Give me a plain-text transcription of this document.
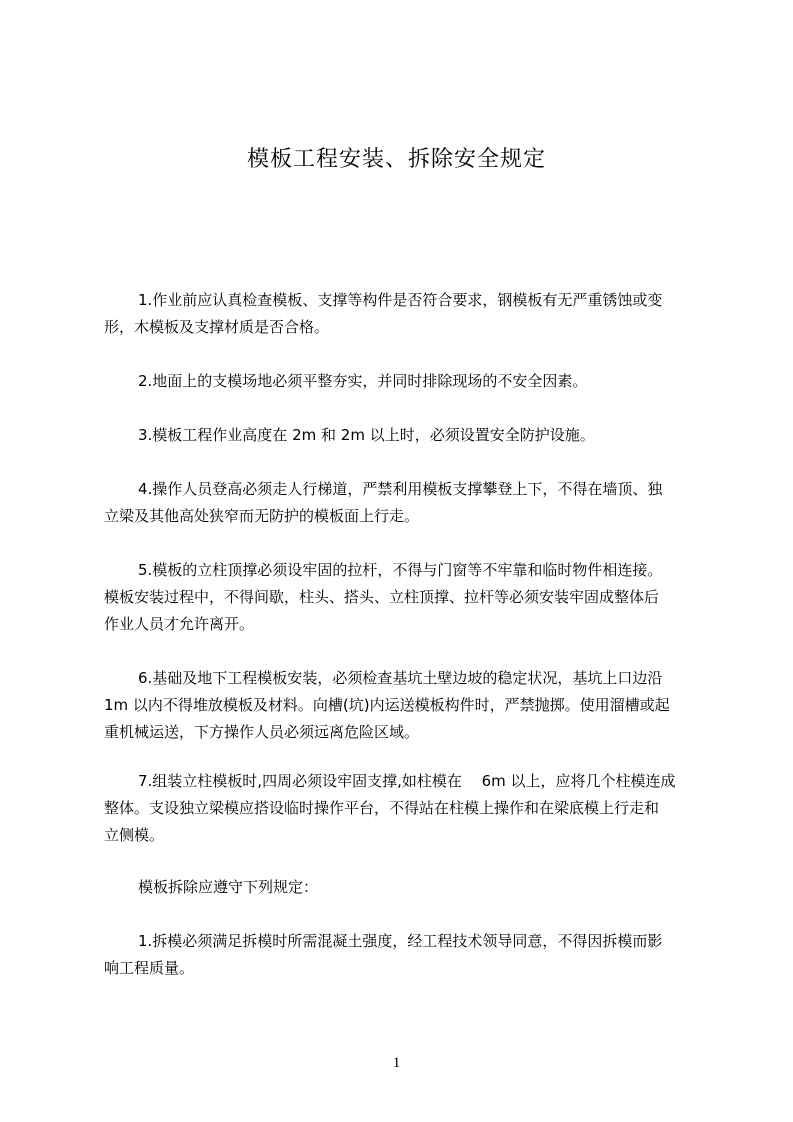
模板工程安装、拆除安全规定
1.作业前应认真检查模板、支撑等构件是否符合要求，钢模板有无严重锈蚀或变
形，木模板及支撑材质是否合格。
2.地面上的支模场地必须平整夯实，并同时排除现场的不安全因素。
3.模板工程作业高度在 2m 和 2m 以上时，必须设置安全防护设施。
4.操作人员登高必须走人行梯道，严禁利用模板支撑攀登上下，不得在墙顶、独
立梁及其他高处狭窄而无防护的模板面上行走。
5.模板的立柱顶撑必须设牢固的拉杆，不得与门窗等不牢靠和临时物件相连接。
模板安装过程中，不得间歇，柱头、搭头、立柱顶撑、拉杆等必须安装牢固成整体后
作业人员才允许离开。
6.基础及地下工程模板安装，必须检查基坑土壁边坡的稳定状况，基坑上口边沿
1m 以内不得堆放模板及材料。向槽(坑)内运送模板构件时，严禁抛掷。使用溜槽或起
重机械运送，下方操作人员必须远离危险区域。
7.组装立柱模板时,四周必须设牢固支撑,如柱模在　 6m 以上，应将几个柱模连成
整体。支设独立梁模应搭设临时操作平台，不得站在柱模上操作和在梁底模上行走和
立侧模。
模板拆除应遵守下列规定：
1.拆模必须满足拆模时所需混凝土强度，经工程技术领导同意，不得因拆模而影
响工程质量。
1
